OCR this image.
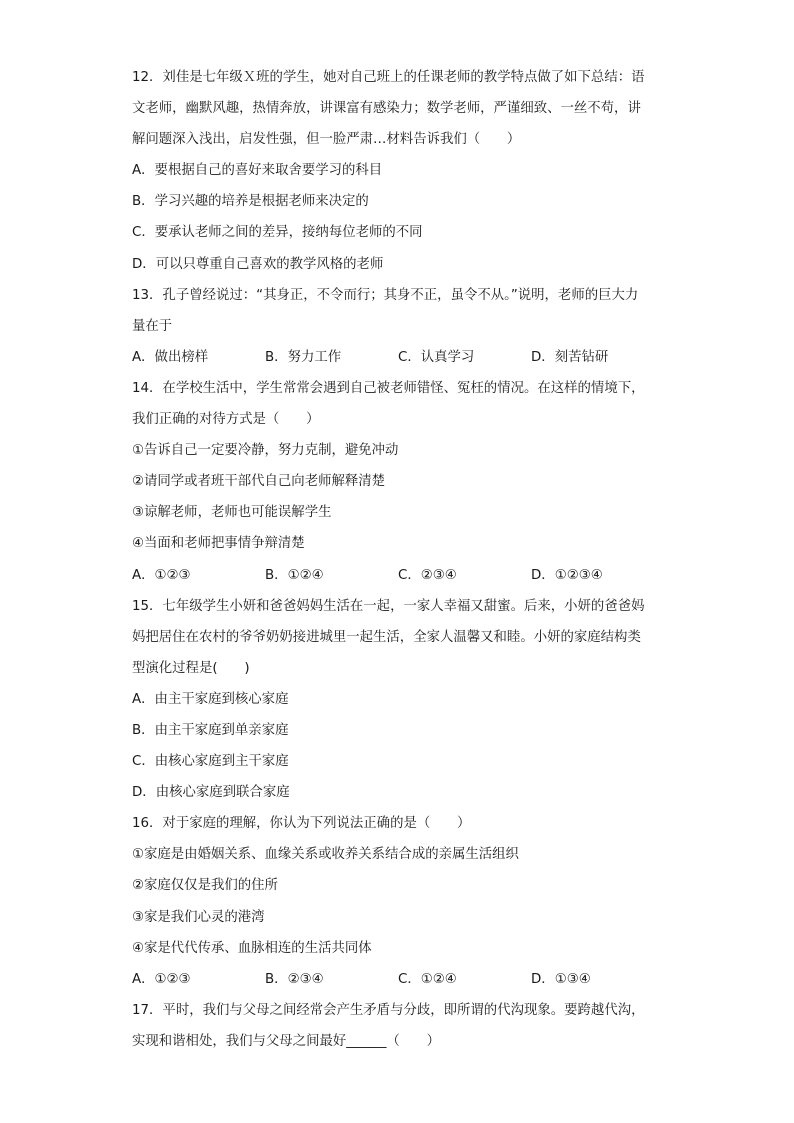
12．刘佳是七年级Ｘ班的学生，她对自己班上的任课老师的教学特点做了如下总结：语
文老师，幽默风趣，热情奔放，讲课富有感染力；数学老师，严谨细致、一丝不苟，讲
解问题深入浅出，启发性强，但一脸严肃…材料告诉我们（　　）
A．要根据自己的喜好来取舍要学习的科目
B．学习兴趣的培养是根据老师来决定的
C．要承认老师之间的差异，接纳每位老师的不同
D．可以只尊重自己喜欢的教学风格的老师
13．孔子曾经说过：“其身正，不令而行；其身不正，虽令不从。”说明，老师的巨大力
量在于
A．做出榜样	B．努力工作	C．认真学习	D．刻苦钻研
14．在学校生活中，学生常常会遇到自己被老师错怪、冤枉的情况。在这样的情境下，
我们正确的对待方式是（　　）
①告诉自己一定要冷静，努力克制，避免冲动
②请同学或者班干部代自己向老师解释清楚
③谅解老师，老师也可能误解学生
④当面和老师把事情争辩清楚
A．①②③	B．①②④	C．②③④	D．①②③④
15．七年级学生小妍和爸爸妈妈生活在一起，一家人幸福又甜蜜。后来，小妍的爸爸妈
妈把居住在农村的爷爷奶奶接进城里一起生活，全家人温馨又和睦。小妍的家庭结构类
型演化过程是(　　)
A．由主干家庭到核心家庭
B．由主干家庭到单亲家庭
C．由核心家庭到主干家庭
D．由核心家庭到联合家庭
16．对于家庭的理解，你认为下列说法正确的是（　　）
①家庭是由婚姻关系、血缘关系或收养关系结合成的亲属生活组织
②家庭仅仅是我们的住所
③家是我们心灵的港湾
④家是代代传承、血脉相连的生活共同体
A．①②③	B．②③④	C．①②④	D．①③④
17．平时，我们与父母之间经常会产生矛盾与分歧，即所谓的代沟现象。要跨越代沟，
实现和谐相处，我们与父母之间最好______（　　）
